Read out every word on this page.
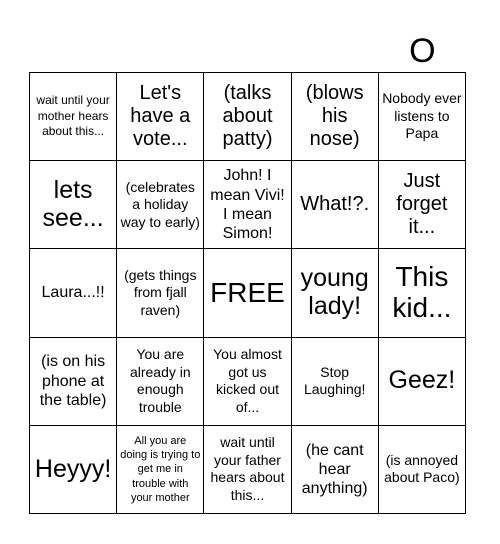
O
wait until your mother hears about this...
Let's have a vote...
(talks about patty)
(blows his nose)
Nobody ever listens to Papa
lets see...
(celebrates a holiday way to early)
John! I mean Vivi! I mean Simon!
What!?.
Just forget it...
Laura...!!
(gets things from fjall raven)
FREE young lady!
This kid...
(is on his phone at the table)
You are already in enough trouble
You almost got us kicked out of...
Stop Laughing! Geez!
Heyyy!
All you are doing is trying to get me in trouble with your mother
wait until your father hears about this...
(he cant hear anything)
(is annoyed about Paco)
